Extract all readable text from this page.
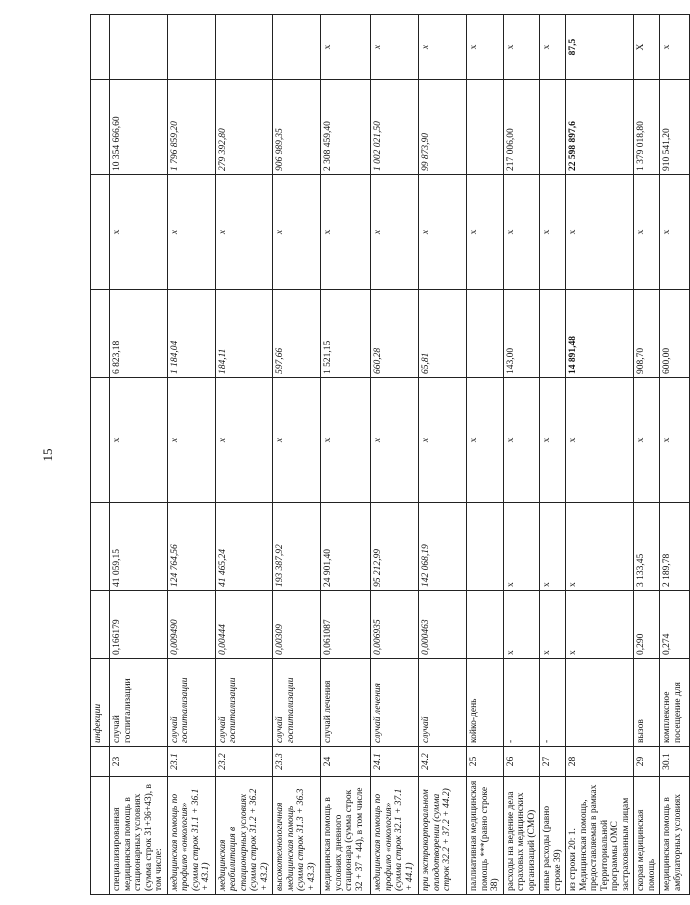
15
		инфекции							
специализированная медицинская помощь в стационарных условиях (сумма строк 31+36+43), в том числе:	23	случай госпитализации	0,166179	41 059,15	х	6 823,18	х	10 354 666,60	
медицинская помощь по профилю «онкология» (сумма строк 31.1 + 36.1 + 43.1)	23.1	случай госпитализации	0,009490	124 764,56	х	1 184,04	х	1 796 859,20	
медицинская реабилитация в стационарных условиях (сумма строк 31.2 + 36.2 + 43.2)	23.2	случай госпитализации	0,00444	41 465,24	х	184,11	х	279 392,80	
высокотехнологичная медицинская помощь (сумма строк 31.3 + 36.3 + 43.3)	23.3	случай госпитализации	0,00309	193 387,92	х	597,66	х	906 989,35	
медицинская помощь в условиях дневного стационара (сумма строк 32 + 37 + 44), в том числе	24	случай лечения	0,061087	24 901,40	х	1 521,15	х	2 308 459,40	х
медицинская помощь по профилю «онкология» (сумма строк 32.1 + 37.1 + 44.1)	24.1	случай лечения	0,006935	95 212,99	х	660,28	х	1 002 021,50	х
при экстракорпоральном оплодотворении (сумма строк 32.2 + 37.2 + 44.2)	24.2	случай	0,000463	142 068,19	х	65,81	х	99 873,90	х
паллиативная медицинская помощь ***(равно строке 38)	25	койко-день			х		х		х
расходы на ведение дела страховых медицинских организаций (СМО)	26	-	х	х	х	143,00	х	217 006,00	х
иные расходы (равно строке 39)	27	-	х	х	х		х		х
из строки 20: 1. Медицинская помощь, предоставляемая в рамках Территориальной программы ОМС застрахованным лицам	28		х	х	х	14 891,48	х	22 598 897,6	87,5
скорая медицинская помощь	29	вызов	0,290	3 133,45	х	908,70	х	1 379 018,80	Х
медицинская помощь в амбулаторных условиях	30.1	комплексное посещение для	0,274	2 189,78	х	600,00	х	910 541,20	х
